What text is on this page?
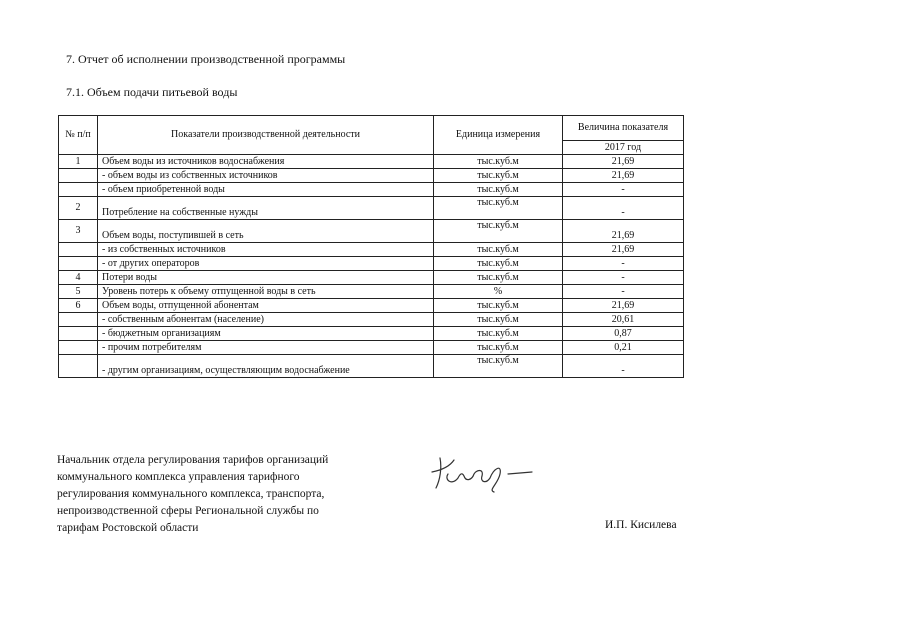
7. Отчет об исполнении производственной программы
7.1. Объем подачи питьевой воды
№ п/п	Показатели производственной деятельности	Единица измерения	Величина показателя
			2017 год
1	Объем воды из источников водоснабжения	тыс.куб.м	21,69
	- объем воды из собственных источников	тыс.куб.м	21,69
	- объем приобретенной воды	тыс.куб.м	-
2	Потребление на собственные нужды	тыс.куб.м	-
3	Объем воды, поступившей в сеть	тыс.куб.м	21,69
	- из собственных источников	тыс.куб.м	21,69
	- от других операторов	тыс.куб.м	-
4	Потери воды	тыс.куб.м	-
5	Уровень потерь к объему отпущенной воды в сеть	%	-
6	Объем воды, отпущенной абонентам	тыс.куб.м	21,69
	- собственным абонентам (население)	тыс.куб.м	20,61
	- бюджетным организациям	тыс.куб.м	0,87
	- прочим потребителям	тыс.куб.м	0,21
	- другим организациям, осуществляющим водоснабжение	тыс.куб.м	-
Начальник отдела регулирования тарифов организаций
коммунального комплекса управления тарифного
регулирования коммунального комплекса, транспорта,
непроизводственной сферы Региональной службы по
тарифам Ростовской области	И.П. Кисилева
